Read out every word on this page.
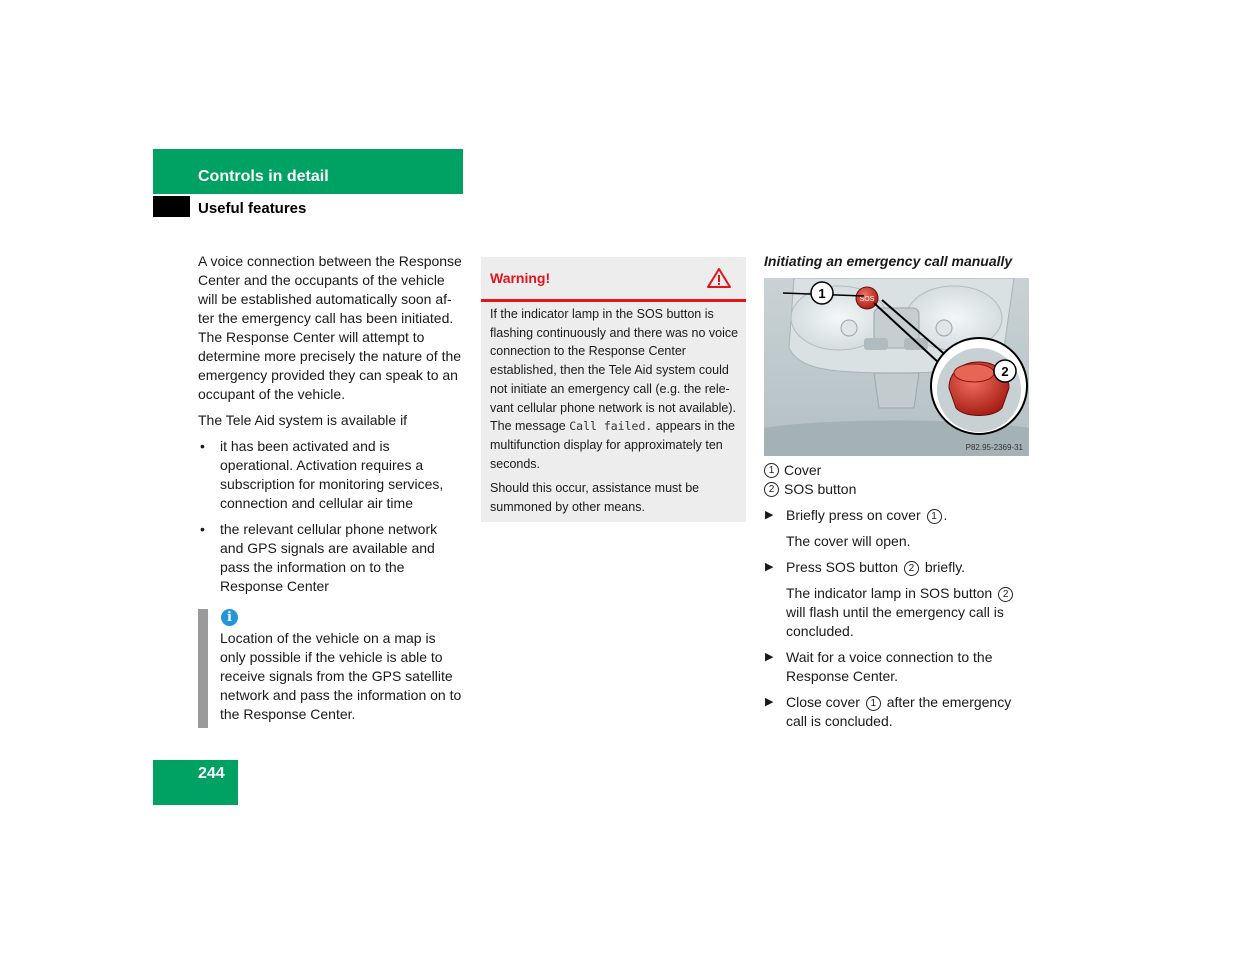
Controls in detail
Useful features

A voice connection between the Response Center and the occupants of the vehicle will be established automatically soon af-ter the emergency call has been initiated. The Response Center will attempt to determine more precisely the nature of the emergency provided they can speak to an occupant of the vehicle.

The Tele Aid system is available if

• it has been activated and is operational. Activation requires a subscription for monitoring services, connection and cellular air time
• the relevant cellular phone network and GPS signals are available and pass the information on to the Response Center
i
Location of the vehicle on a map is only possible if the vehicle is able to receive signals from the GPS satellite network and pass the information on to the Response Center.
Warning!

If the indicator lamp in the SOS button is flashing continuously and there was no voice connection to the Response Center established, then the Tele Aid system could not initiate an emergency call (e.g. the rele-vant cellular phone network is not available). The message Call failed. appears in the multifunction display for approximately ten seconds.

Should this occur, assistance must be summoned by other means.

Initiating an emergency call manually
SOS
1
2
P82.95-2369-31
1 Cover
2 SOS button
▶ Briefly press on cover 1 .
The cover will open.
▶ Press SOS button 2 briefly.
The indicator lamp in SOS button 2 will flash until the emergency call is concluded.
▶ Wait for a voice connection to the Response Center.
▶ Close cover 1 after the emergency call is concluded.
244
